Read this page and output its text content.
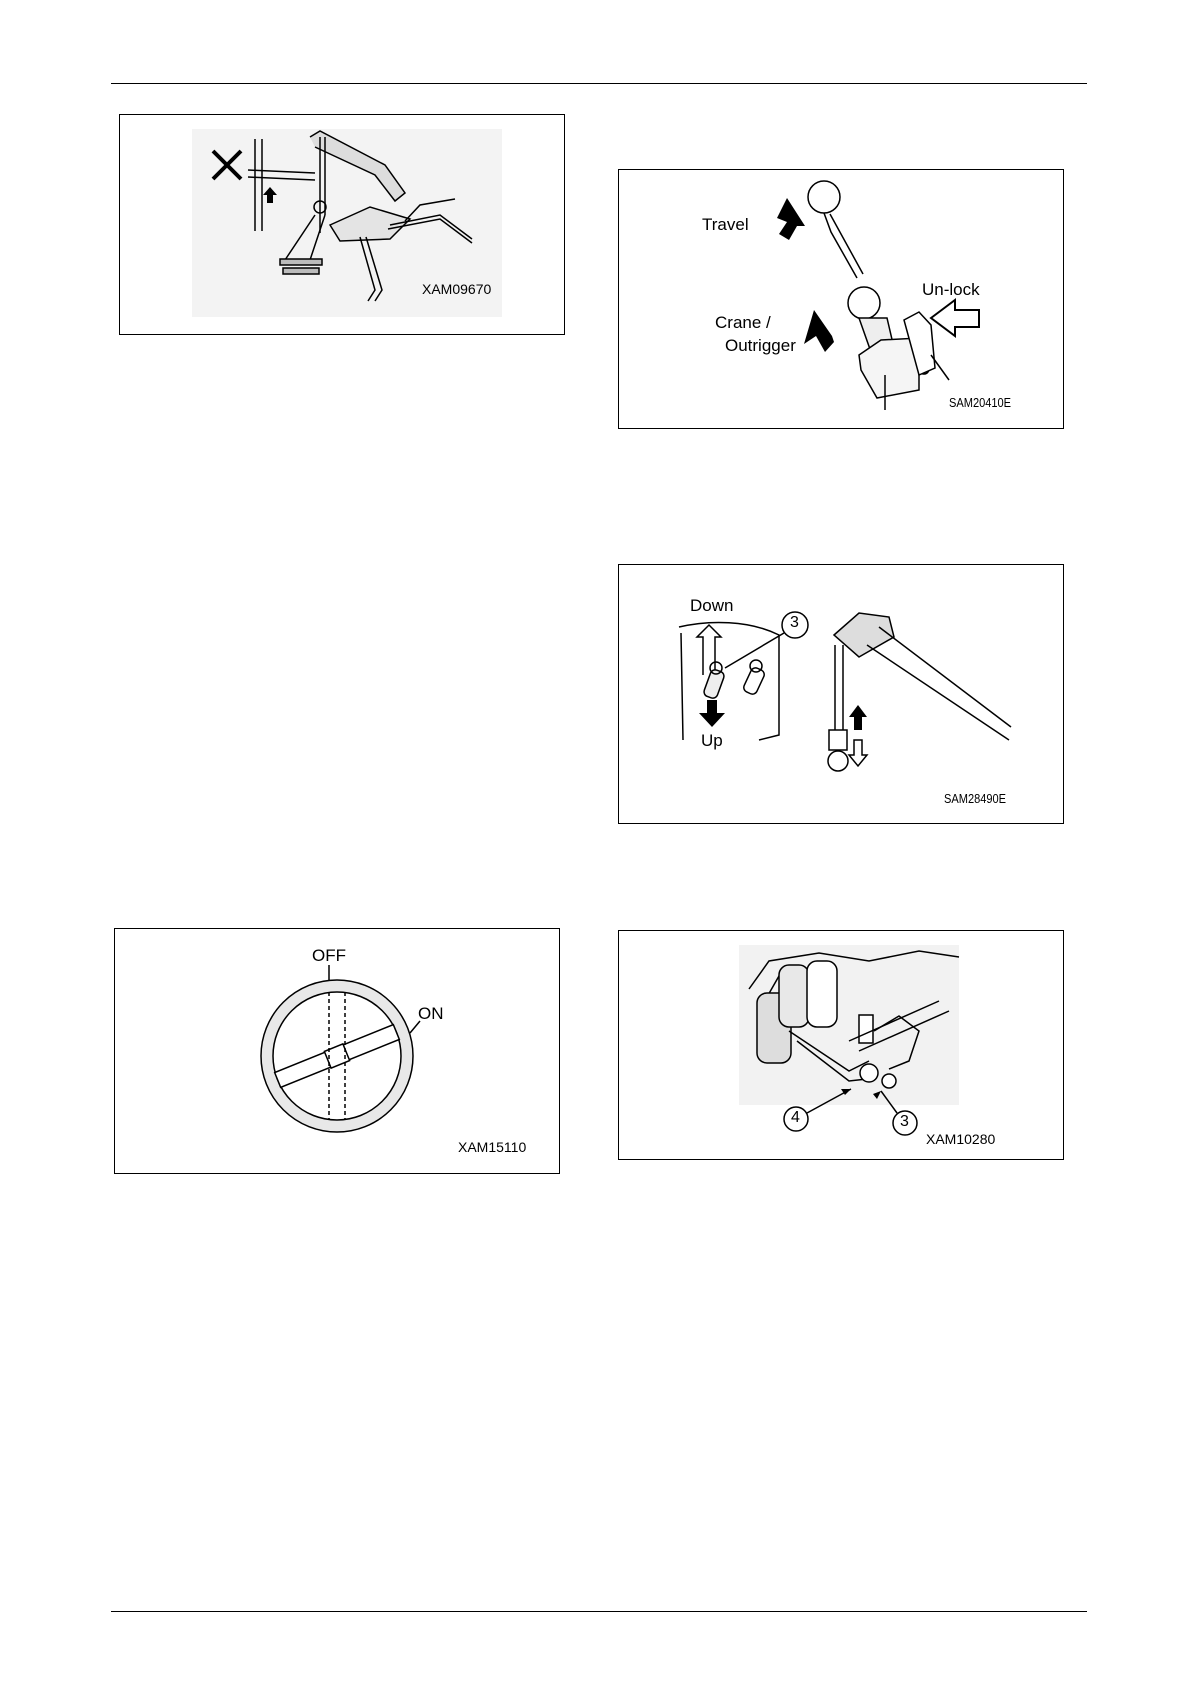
XAM09670
Travel
Crane /
Outrigger
Un-lock
SAM20410E
Down
Up
3
SAM28490E
OFF
ON
XAM15110
4	3
XAM10280
